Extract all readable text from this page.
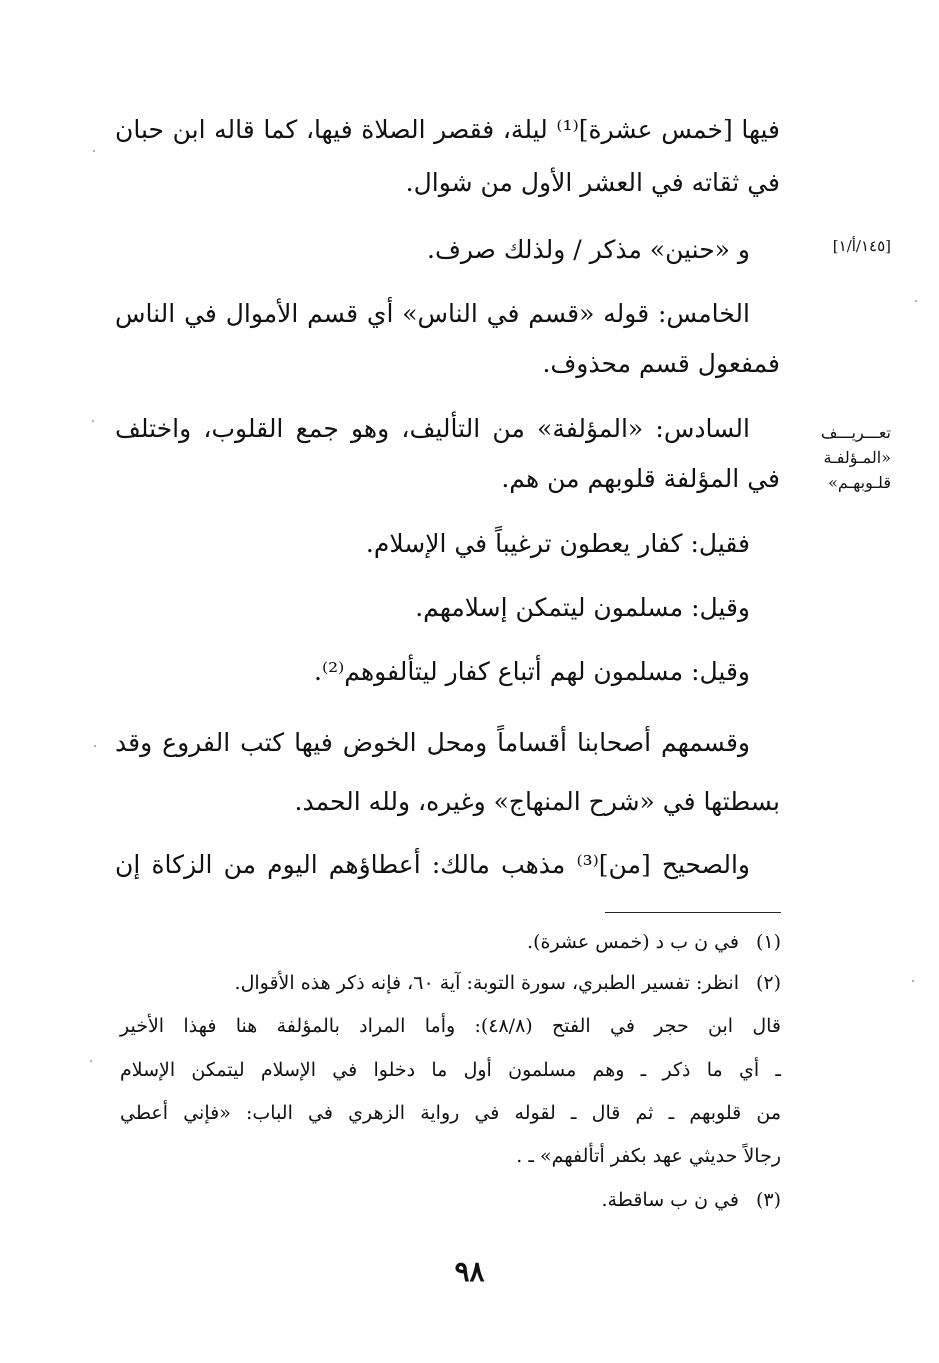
فيها [خمس عشرة]⁽¹⁾ ليلة، فقصر الصلاة فيها، كما قاله ابن حبان
في ثقاته في العشر الأول من شوال.
و «حنين» مذكر / ولذلك صرف.
الخامس: قوله «قسم في الناس» أي قسم الأموال في الناس
فمفعول قسم محذوف.
السادس: «المؤلفة» من التأليف، وهو جمع القلوب، واختلف
في المؤلفة قلوبهم من هم.
فقيل: كفار يعطون ترغيباً في الإسلام.
وقيل: مسلمون ليتمكن إسلامهم.
وقيل: مسلمون لهم أتباع كفار ليتألفوهم⁽²⁾.
وقسمهم أصحابنا أقساماً ومحل الخوض فيها كتب الفروع وقد
بسطتها في «شرح المنهاج» وغيره، ولله الحمد.
والصحيح [من]⁽³⁾ مذهب مالك: أعطاؤهم اليوم من الزكاة إن
[١٤٥/أ/١]
تعـــريـــف
«المـؤلفـة
قلـوبهـم»
(١)
في ن ب د (خمس عشرة).
(٢)
انظر: تفسير الطبري، سورة التوبة: آية ٦٠، فإنه ذكر هذه الأقوال.
قال ابن حجر في الفتح (٤٨/٨): وأما المراد بالمؤلفة هنا فهذا الأخير
ـ أي ما ذكر ـ وهم مسلمون أول ما دخلوا في الإسلام ليتمكن الإسلام
من قلوبهم ـ ثم قال ـ لقوله في رواية الزهري في الباب: «فإني أعطي
رجالاً حديثي عهد بكفر أتألفهم» ـ .
(٣)
في ن ب ساقطة.
٩٨
